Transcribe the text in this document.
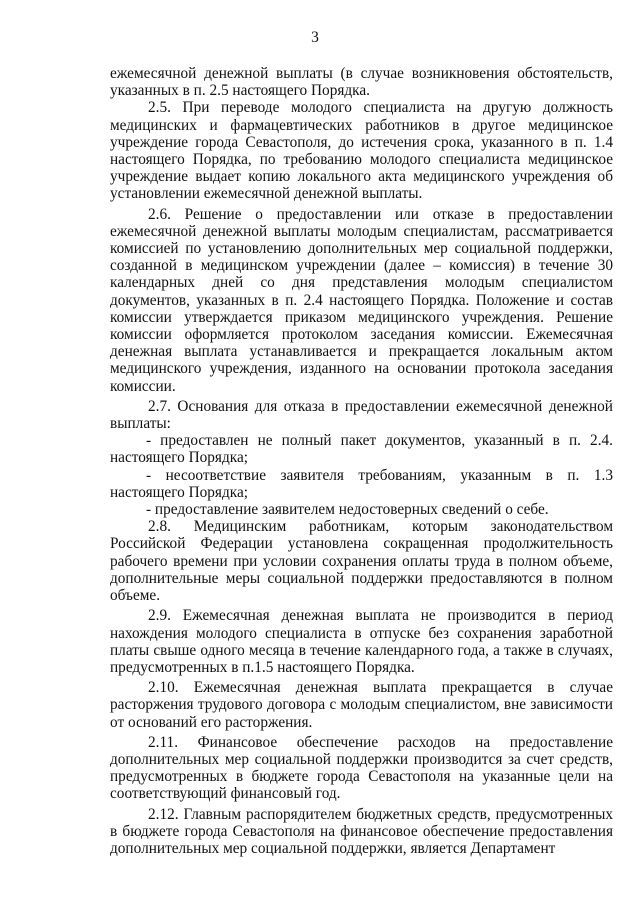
3

ежемесячной денежной выплаты (в случае возникновения обстоятельств, указанных в п. 2.5 настоящего Порядка.

2.5. При переводе молодого специалиста на другую должность медицинских и фармацевтических работников в другое медицинское учреждение города Севастополя, до истечения срока, указанного в п. 1.4 настоящего Порядка, по требованию молодого специалиста медицинское учреждение выдает копию локального акта медицинского учреждения об установлении ежемесячной денежной выплаты.

2.6. Решение о предоставлении или отказе в предоставлении ежемесячной денежной выплаты молодым специалистам, рассматривается комиссией по установлению дополнительных мер социальной поддержки, созданной в медицинском учреждении (далее – комиссия) в течение 30 календарных дней со дня представления молодым специалистом документов, указанных в п. 2.4 настоящего Порядка. Положение и состав комиссии утверждается приказом медицинского учреждения. Решение комиссии оформляется протоколом заседания комиссии. Ежемесячная денежная выплата устанавливается и прекращается локальным актом медицинского учреждения, изданного на основании протокола заседания комиссии.

2.7. Основания для отказа в предоставлении ежемесячной денежной выплаты:

- предоставлен не полный пакет документов, указанный в п. 2.4. настоящего Порядка;

- несоответствие заявителя требованиям, указанным в п. 1.3 настоящего Порядка;

- предоставление заявителем недостоверных сведений о себе.

2.8. Медицинским работникам, которым законодательством Российской Федерации установлена сокращенная продолжительность рабочего времени при условии сохранения оплаты труда в полном объеме, дополнительные меры социальной поддержки предоставляются в полном объеме.

2.9. Ежемесячная денежная выплата не производится в период нахождения молодого специалиста в отпуске без сохранения заработной платы свыше одного месяца в течение календарного года, а также в случаях, предусмотренных в п.1.5 настоящего Порядка.

2.10. Ежемесячная денежная выплата прекращается в случае расторжения трудового договора с молодым специалистом, вне зависимости от оснований его расторжения.

2.11. Финансовое обеспечение расходов на предоставление дополнительных мер социальной поддержки производится за счет средств, предусмотренных в бюджете города Севастополя на указанные цели на соответствующий финансовый год.

2.12. Главным распорядителем бюджетных средств, предусмотренных в бюджете города Севастополя на финансовое обеспечение предоставления дополнительных мер социальной поддержки, является Департамент
